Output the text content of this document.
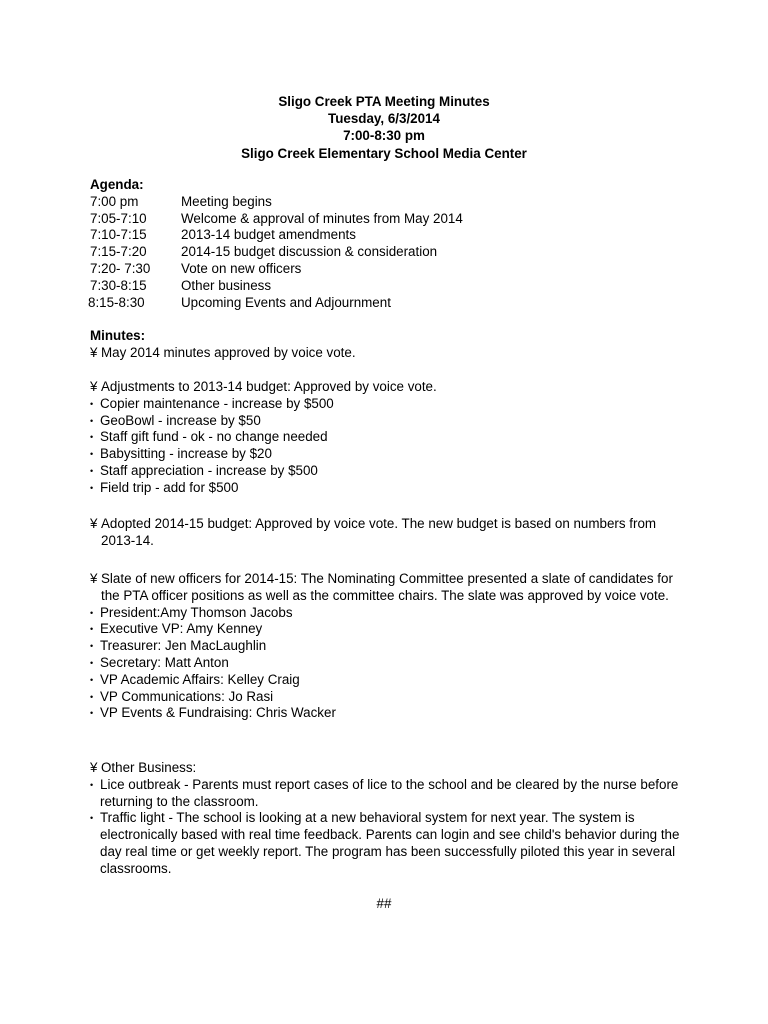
Sligo Creek PTA Meeting Minutes
Tuesday, 6/3/2014
7:00-8:30 pm
Sligo Creek Elementary School Media Center
Agenda:
7:00 pm	Meeting begins
7:05-7:10	Welcome & approval of minutes from May 2014
7:10-7:15	2013-14 budget amendments
7:15-7:20	2014-15 budget discussion & consideration
7:20- 7:30	Vote on new officers
7:30-8:15	Other business
8:15-8:30	Upcoming Events and Adjournment
Minutes:
¥ May 2014 minutes approved by voice vote.
¥ Adjustments to 2013-14 budget: Approved by voice vote.
• Copier maintenance - increase by $500
• GeoBowl - increase by $50
• Staff gift fund - ok - no change needed
• Babysitting - increase by $20
• Staff appreciation - increase by $500
• Field trip - add for $500
¥ Adopted 2014-15 budget: Approved by voice vote. The new budget is based on numbers from 2013-14.
¥ Slate of new officers for 2014-15: The Nominating Committee presented a slate of candidates for the PTA officer positions as well as the committee chairs. The slate was approved by voice vote.
• President:Amy Thomson Jacobs
• Executive VP: Amy Kenney
• Treasurer: Jen MacLaughlin
• Secretary: Matt Anton
• VP Academic Affairs: Kelley Craig
• VP Communications: Jo Rasi
• VP Events & Fundraising: Chris Wacker
¥ Other Business:
• Lice outbreak - Parents must report cases of lice to the school and be cleared by the nurse before returning to the classroom.
• Traffic light - The school is looking at a new behavioral system for next year. The system is electronically based with real time feedback. Parents can login and see child's behavior during the day real time or get weekly report. The program has been successfully piloted this year in several classrooms.
##
